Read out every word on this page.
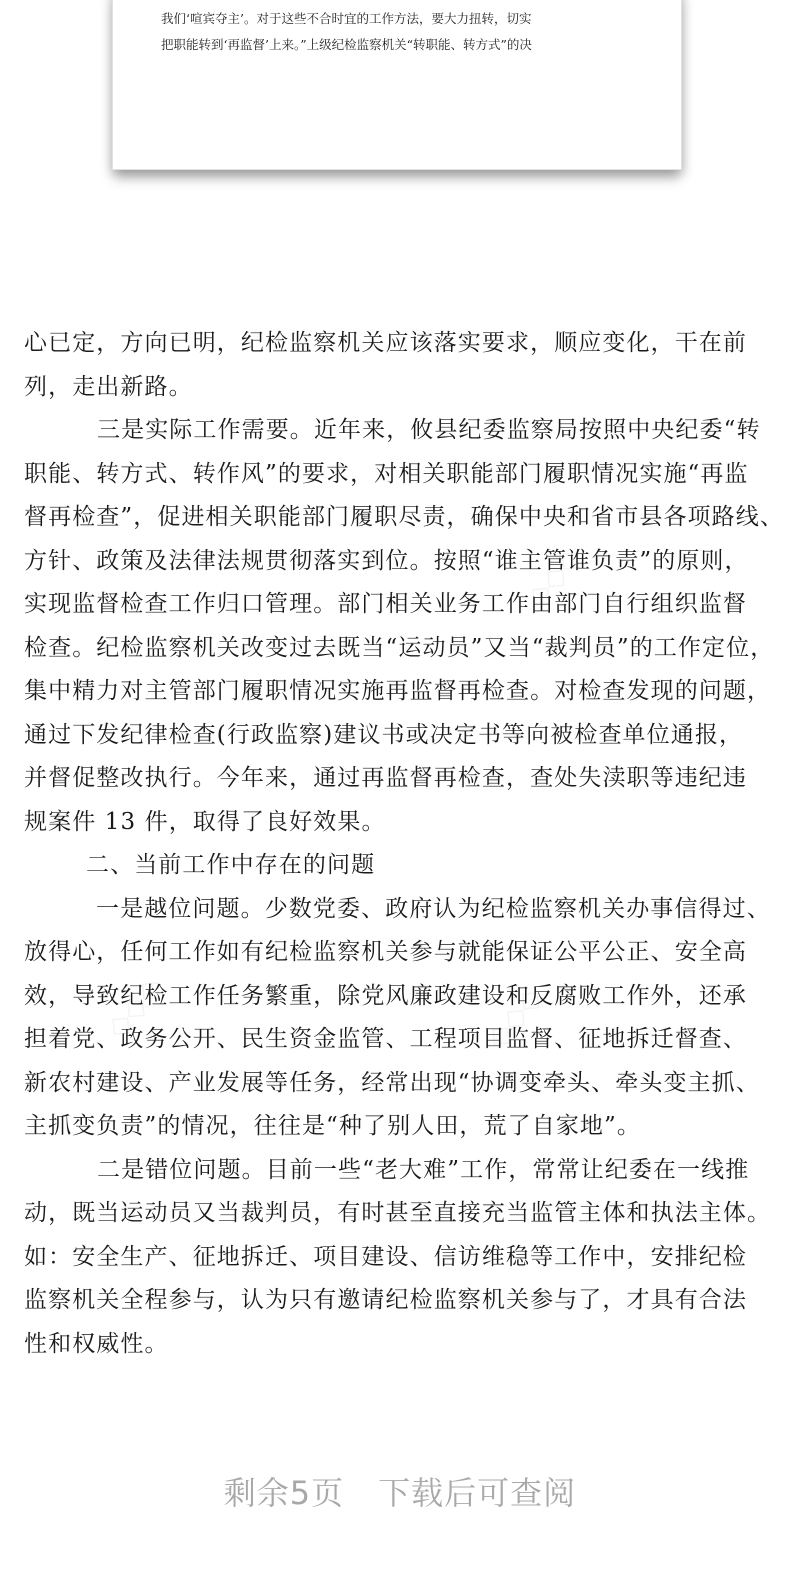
我们‘喧宾夺主’。对于这些不合时宜的工作方法，要大力扭转，切实
把职能转到‘再监督’上来。”上级纪检监察机关“转职能、转方式”的决
心已定，方向已明，纪检监察机关应该落实要求，顺应变化，干在前
列，走出新路。
三是实际工作需要。近年来，攸县纪委监察局按照中央纪委“转
职能、转方式、转作风”的要求，对相关职能部门履职情况实施“再监
督再检查”，促进相关职能部门履职尽责，确保中央和省市县各项路线、
方针、政策及法律法规贯彻落实到位。按照“谁主管谁负责”的原则，
实现监督检查工作归口管理。部门相关业务工作由部门自行组织监督
检查。纪检监察机关改变过去既当“运动员”又当“裁判员”的工作定位，
集中精力对主管部门履职情况实施再监督再检查。对检查发现的问题，
通过下发纪律检查(行政监察)建议书或决定书等向被检查单位通报，
并督促整改执行。今年来，通过再监督再检查，查处失渎职等违纪违
规案件 13 件，取得了良好效果。
二、当前工作中存在的问题
一是越位问题。少数党委、政府认为纪检监察机关办事信得过、
放得心，任何工作如有纪检监察机关参与就能保证公平公正、安全高
效，导致纪检工作任务繁重，除党风廉政建设和反腐败工作外，还承
担着党、政务公开、民生资金监管、工程项目监督、征地拆迁督查、
新农村建设、产业发展等任务，经常出现“协调变牵头、牵头变主抓、
主抓变负责”的情况，往往是“种了别人田，荒了自家地”。
二是错位问题。目前一些“老大难”工作，常常让纪委在一线推
动，既当运动员又当裁判员，有时甚至直接充当监管主体和执法主体。
如：安全生产、征地拆迁、项目建设、信访维稳等工作中，安排纪检
监察机关全程参与，认为只有邀请纪检监察机关参与了，才具有合法
性和权威性。
剩余5页 下载后可查阅
